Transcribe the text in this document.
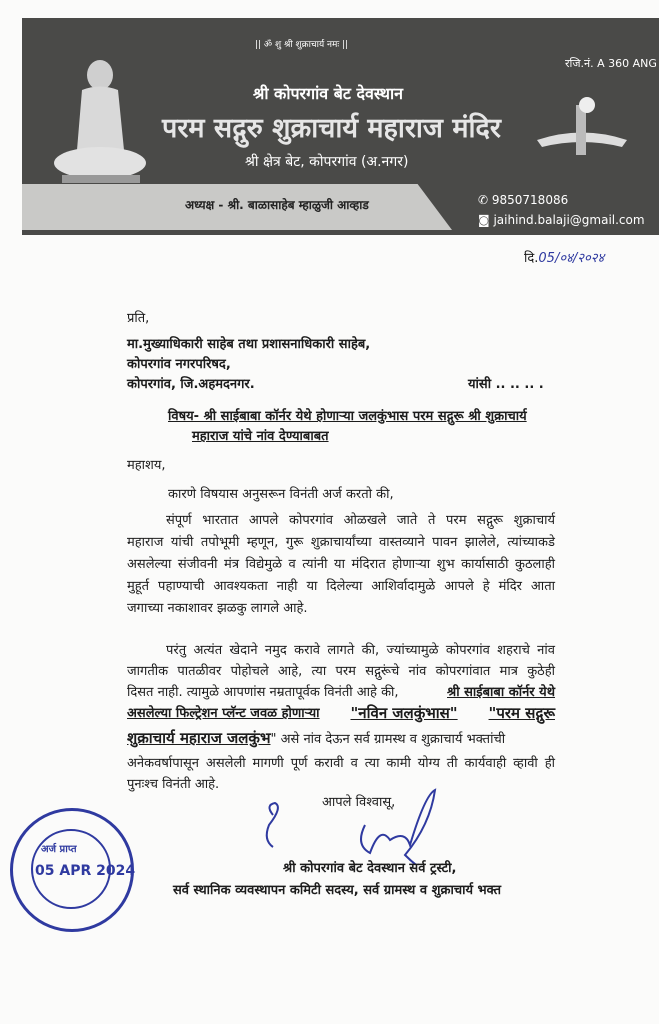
|| ॐ शु श्री शुक्राचार्य नमः ||
रजि.नं. A 360 ANG
श्री कोपरगांव बेट देवस्थान
परम सद्गुरु शुक्राचार्य महाराज मंदिर
श्री क्षेत्र बेट, कोपरगांव (अ.नगर)
अध्यक्ष - श्री. बाळासाहेब म्हाळुजी आव्हाड	✆ 9850718086
◙ jaihind.balaji@gmail.com
दि.05/०४/२०२४
प्रति,
मा.मुख्याधिकारी साहेब तथा प्रशासनाधिकारी साहेब,
कोपरगांव नगरपरिषद,
कोपरगांव, जि.अहमदनगर.	यांसी .. .. .. .
विषय- श्री साईबाबा कॉर्नर येथे होणाऱ्या जलकुंभास परम सद्गुरू श्री शुक्राचार्य
महाराज यांचे नांव देण्याबाबत
महाशय,
कारणे विषयास अनुसरून विनंती अर्ज करतो की,
संपूर्ण भारतात आपले कोपरगांव ओळखले जाते ते परम सद्गुरू शुक्राचार्य
महाराज यांची तपोभूमी म्हणून, गुरू शुक्राचार्यांच्या वास्तव्याने पावन झालेले, त्यांच्याकडे
असलेल्या संजीवनी मंत्र विद्येमुळे व त्यांनी या मंदिरात होणाऱ्या शुभ कार्यासाठी कुठलाही
मुहूर्त पहाण्याची आवश्यकता नाही या दिलेल्या आशिर्वादामुळे आपले हे मंदिर आता
जगाच्या नकाशावर झळकु लागले आहे.
परंतु अत्यंत खेदाने नमुद करावे लागते की, ज्यांच्यामुळे कोपरगांव शहराचे नांव
जागतीक पातळीवर पोहोचले आहे, त्या परम सद्गुरूंचे नांव कोपरगांवात मात्र कुठेही
दिसत नाही. त्यामुळे आपणांस नम्रतापूर्वक विनंती आहे की,	श्री साईबाबा कॉर्नर येथे
असलेल्या फिल्ट्रेशन प्लॅन्ट जवळ होणाऱ्या "नविन जलकुंभास" "परम सद्गुरू
शुक्राचार्य महाराज जलकुंभ" असे नांव देऊन सर्व ग्रामस्थ व शुक्राचार्य भक्तांची
अनेकवर्षापासून असलेली मागणी पूर्ण करावी व त्या कामी योग्य ती कार्यवाही व्हावी ही
पुनःश्च विनंती आहे.
आपले विश्वासू,
श्री कोपरगांव बेट देवस्थान सर्व ट्रस्टी,
सर्व स्थानिक व्यवस्थापन कमिटी सदस्य, सर्व ग्रामस्थ व शुक्राचार्य भक्त
अर्ज प्राप्त
05 APR 2024
